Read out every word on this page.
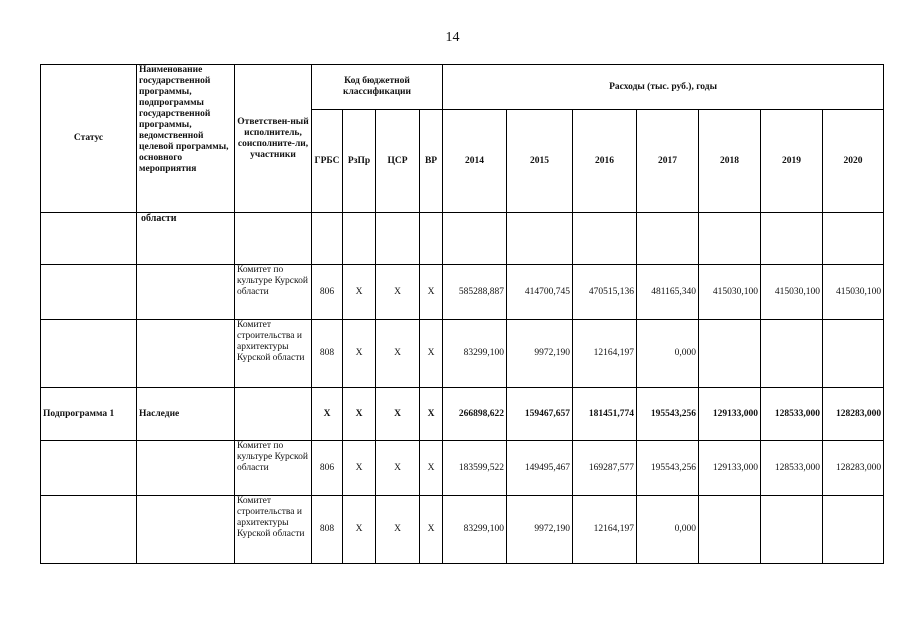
14
Статус	Наименование государственной программы, подпрограммы государственной программы, ведомственной целевой программы, основного мероприятия	Ответствен-ный исполнитель, соисполните-ли, участники	Код бюджетной классификации				Расходы (тыс. руб.), годы						
			ГРБС	РзПр	ЦСР	ВР	2014	2015	2016	2017	2018	2019	2020
	области												
		Комитет по культуре Курской области	806	Х	Х	Х	585288,887	414700,745	470515,136	481165,340	415030,100	415030,100	415030,100
		Комитет строительства и архитектуры Курской области	808	Х	Х	Х	83299,100	9972,190	12164,197	0,000			
Подпрограмма 1	Наследие		Х	Х	Х	Х	266898,622	159467,657	181451,774	195543,256	129133,000	128533,000	128283,000
		Комитет по культуре Курской области	806	Х	Х	Х	183599,522	149495,467	169287,577	195543,256	129133,000	128533,000	128283,000
		Комитет строительства и архитектуры Курской области	808	Х	Х	Х	83299,100	9972,190	12164,197	0,000			
